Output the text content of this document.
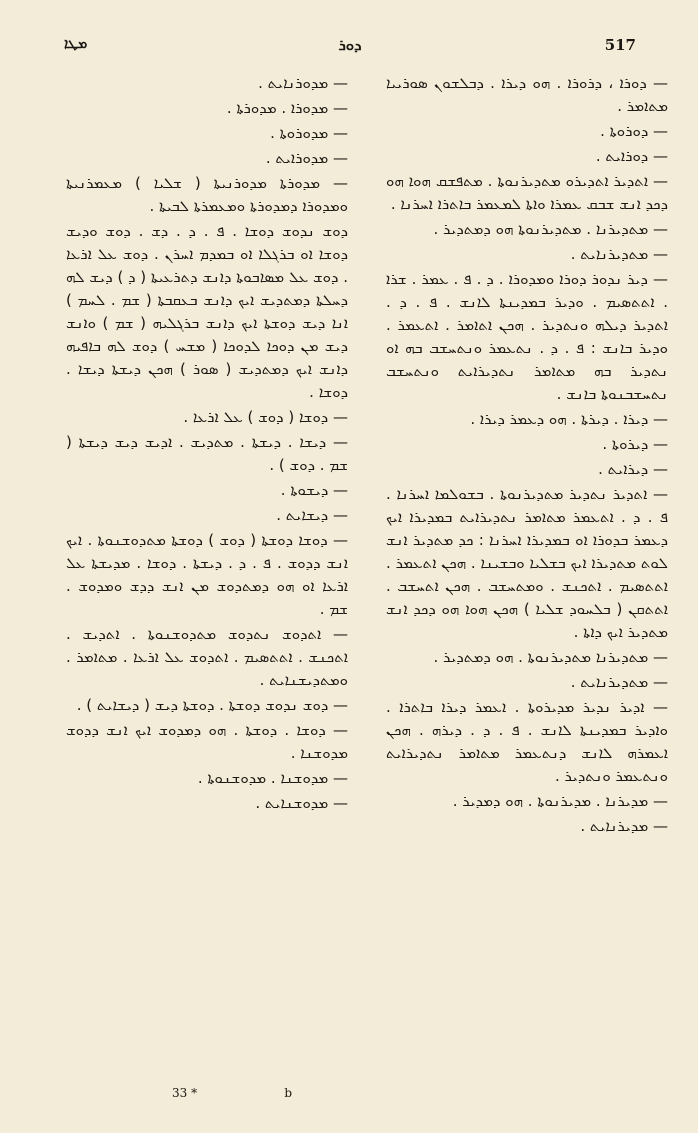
ܡܛܐ	ܕܘܪ	517

— ܕܘܪܐ ، ܕܪܘܪܐ . ܗܘ ܕܝܪܐ . ܕܒܠܫܘܢ ܣܘܪܝܝܐ ܡܬܐܡܪ .

— ܕܘܪܘܬܐ .

— ܕܘܪܐܝܬ .

— ܐܬܕܝܪ ܐܬܕܝܪܘ ܡܬܕܝܪܢܘܬܐ . ܡܬܦܫܩ ܗܘܐ ܗܘ ܕܟܕ ܐܢܫ ܫܒܩ ܥܡܪܐ ܘܐܬܐ ܠܡܥܡܪ ܒܐܬܪܐ ܐܚܪܢܐ .

— ܡܬܕܝܪܢܐ . ܡܬܕܝܪܢܘܬܐ ܗܘ ܕܡܬܕܝܪ .

— ܡܬܕܝܪܢܐܝܬ .

— ܕܝܪ ܢܕܘܪ ܕܘܪܐ ܘܡܕܘܪܐ . ܕ . ܦ . ܥܡܪ . ܫܪܐ . ܐܬܬܣܝܡ . ܘܕܝܪ ܒܡܕܝܢܬܐ ܠܐܢܫ . ܦ . ܕ . ܐܬܕܝܪ ܕܝܠܗ ܘܢܬܕܝܪ . ܗܟܢ ܐܬܐܡܪ . ܐܬܥܡܪ . ܘܕܝܪ ܒܐܢܫ : ܦ . ܕ . ܢܬܥܡܪ ܘܢܬܚܫܒ ܒܗ ܐܘ ܢܬܕܝܪ ܒܗ ܡܬܐܡܪ ܢܬܕܝܪܐܝܬ ܘܢܬܚܫܒ ܢܬܚܫܒܢܘܬܐ ܒܐܢܫ .

— ܕܝܪܐ . ܕܝܪܬܐ . ܗܘ ܕܥܡܪ ܕܝܪܐ .

— ܕܝܪܘܬܐ .

— ܕܝܪܐܝܬ .

— ܐܬܕܝܪ ܢܬܕܝܪ ܡܬܕܝܪܢܘܬܐ . ܒܫܘܠܡܐ ܐܚܪܢܐ . ܦ . ܕ . ܐܬܥܡܪ ܡܬܐܡܪ ܢܬܕܝܪܐܝܬ ܒܡܕܝܪܐ ܐܝܟ ܕܥܡܪ ܒܕܘܪܐ ܐܘ ܒܡܕܝܪܐ ܐܚܪܢܐ : ܟܕ ܡܬܕܝܪ ܐܢܫ ܠܘܬ ܡܬܕܝܪܐ ܐܝܟ ܒܫܠܝܐ ܘܒܫܝܢܐ . ܗܟܢ ܐܬܥܡܪ . ܐܬܬܣܝܡ . ܐܬܟܢܫ . ܘܡܬܚܫܒ . ܗܟܢ ܐܬܚܫܒ . ܐܬܬܩܢ ( ܒܠܚܘܕ ܫܠܝܐ ) ܗܟܢ ܗܘܐ ܗܘ ܕܟܕ ܐܢܫ ܡܬܕܝܪ ܐܝܟ ܕܐܬܐ .

— ܡܬܕܝܪܢܐ ܡܬܕܝܪܢܘܬܐ . ܗܘ ܕܡܬܕܝܪ .

— ܡܬܕܝܪܢܐܝܬ .

— ܐܕܝܪ ܢܕܝܪ ܡܕܝܪܘܬܐ . ܐܥܡܪ ܕܝܪܐ ܒܐܬܪܐ . ܘܐܕܝܪ ܒܡܕܝܢܬܐ ܠܐܢܫ . ܦ . ܕ . ܕܝܪܗ . ܗܟܢ ܐܥܡܪܗ ܠܐܢܫ ܕܢܬܥܡܪ ܡܬܐܡܪ ܢܬܕܝܪܐܝܬ ܘܢܬܥܡܪ ܘܢܬܕܝܪ .

— ܡܕܝܪܢܐ . ܡܕܝܪܢܘܬܐ . ܗܘ ܕܡܕܝܪ .

— ܡܕܝܪܢܐܝܬ .

— ܡܕܘܪܢܐܝܬ .

— ܡܕܘܪܐ . ܡܕܘܪܬܐ .

— ܡܕܘܪܘܬܐ .

— ܡܕܘܪܐܝܬ .

— ܡܕܘܪܬܐ ܡܕܘܪܢܝܬܐ ( ܫܠܝܐ ) ܡܥܡܪܢܝܬܐ ܘܡܕܘܪܐ ܕܡܕܘܪܬܐ ܘܡܥܡܪܬܐ ܠܒܝܬܐ .

ܕܘܫ ܢܕܘܫ ܕܘܫܐ . ܦ . ܕ . ܕܫ . ܕܘܫ ܘܕܝܫ ܕܘܫܐ ܐܘ ܒܪܓܠܐ ܐܘ ܒܡܕܡ ܐܚܪܢ . ܕܘܫ ܥܠ ܐܪܥܐ . ܕܘܫ ܥܠ ܡܣܐܒܘܬܐ ܕܐܢܫ ܕܬܪܥܝܬܐ ( ܕ ) ܕܝܫ ܠܗ ܕܚܠܬܐ ܕܡܬܕܝܫ ܐܝܟ ܕܐܢܫ ܒܥܩܒܬܐ ( ܫܡ . ܠܚܡ ) ܐܢܐ ܕܝܫ ܕܘܫܬܐ ܐܝܟ ܕܐܢܫ ܒܪܓܠܝܗ ( ܫܡ ) ܘܐܢܫ ܕܝܫ ܡܢ ܕܘܟܐ ܠܕܘܟܐ ( ܡܫܚ ) ܕܘܫ ܠܗ ܒܐܦܝܗ ܕܐܢܫ ܐܝܟ ܕܡܬܕܝܫ ( ܣܘܪ ) ܗܟܢ ܕܝܫܬܐ ܕܝܫܐ . ܕܘܫܐ .

— ܕܘܫܐ ( ܕܘܫ ) ܥܠ ܐܪܥܐ .

— ܕܝܫܐ . ܕܝܫܬܐ . ܡܬܕܝܫ . ܐܕܝܫ ܕܝܫ ܕܝܫܬܐ ( ܫܡ . ܕܘܫ ) .

— ܕܝܫܘܬܐ .

— ܕܝܫܐܝܬ .

— ܕܘܫܐ ܕܘܫܬܐ ( ܕܘܫ ) ܕܘܫܬܐ ܡܬܕܘܫܢܘܬܐ . ܐܝܟ ܐܢܫ ܕܕܘܫ . ܦ . ܕ . ܕܝܫܬܐ . ܕܘܫܐ . ܡܕܝܫܬܐ ܥܠ ܐܪܥܐ ܐܘ ܗܘ ܕܡܬܕܘܫ ܡܢ ܐܢܫ ܕܕܫ ܘܡܕܘܫ . ܫܡ .

— ܐܬܕܘܫ ܢܬܕܘܫ ܡܬܕܘܫܢܘܬܐ . ܐܬܕܝܫ . ܐܬܟܢܫ . ܐܬܬܣܝܡ . ܐܬܕܘܫ ܥܠ ܐܪܥܐ . ܡܬܐܡܪ . ܘܡܬܕܝܫܢܐܝܬ .

— ܕܘܫ ܢܕܘܫ ܕܘܫܬܐ . ܕܘܫܬܐ ܕܝܫ ( ܕܝܫܐܝܬ ) .

— ܕܘܫܐ . ܕܘܫܬܐ . ܗܘ ܕܡܕܘܫ ܐܝܟ ܐܢܫ ܕܕܘܫ ܡܕܘܫܢܐ .

— ܡܕܘܫܢܐ . ܡܕܘܫܢܘܬܐ .

— ܡܕܘܫܢܐܝܬ .

33 *	b
